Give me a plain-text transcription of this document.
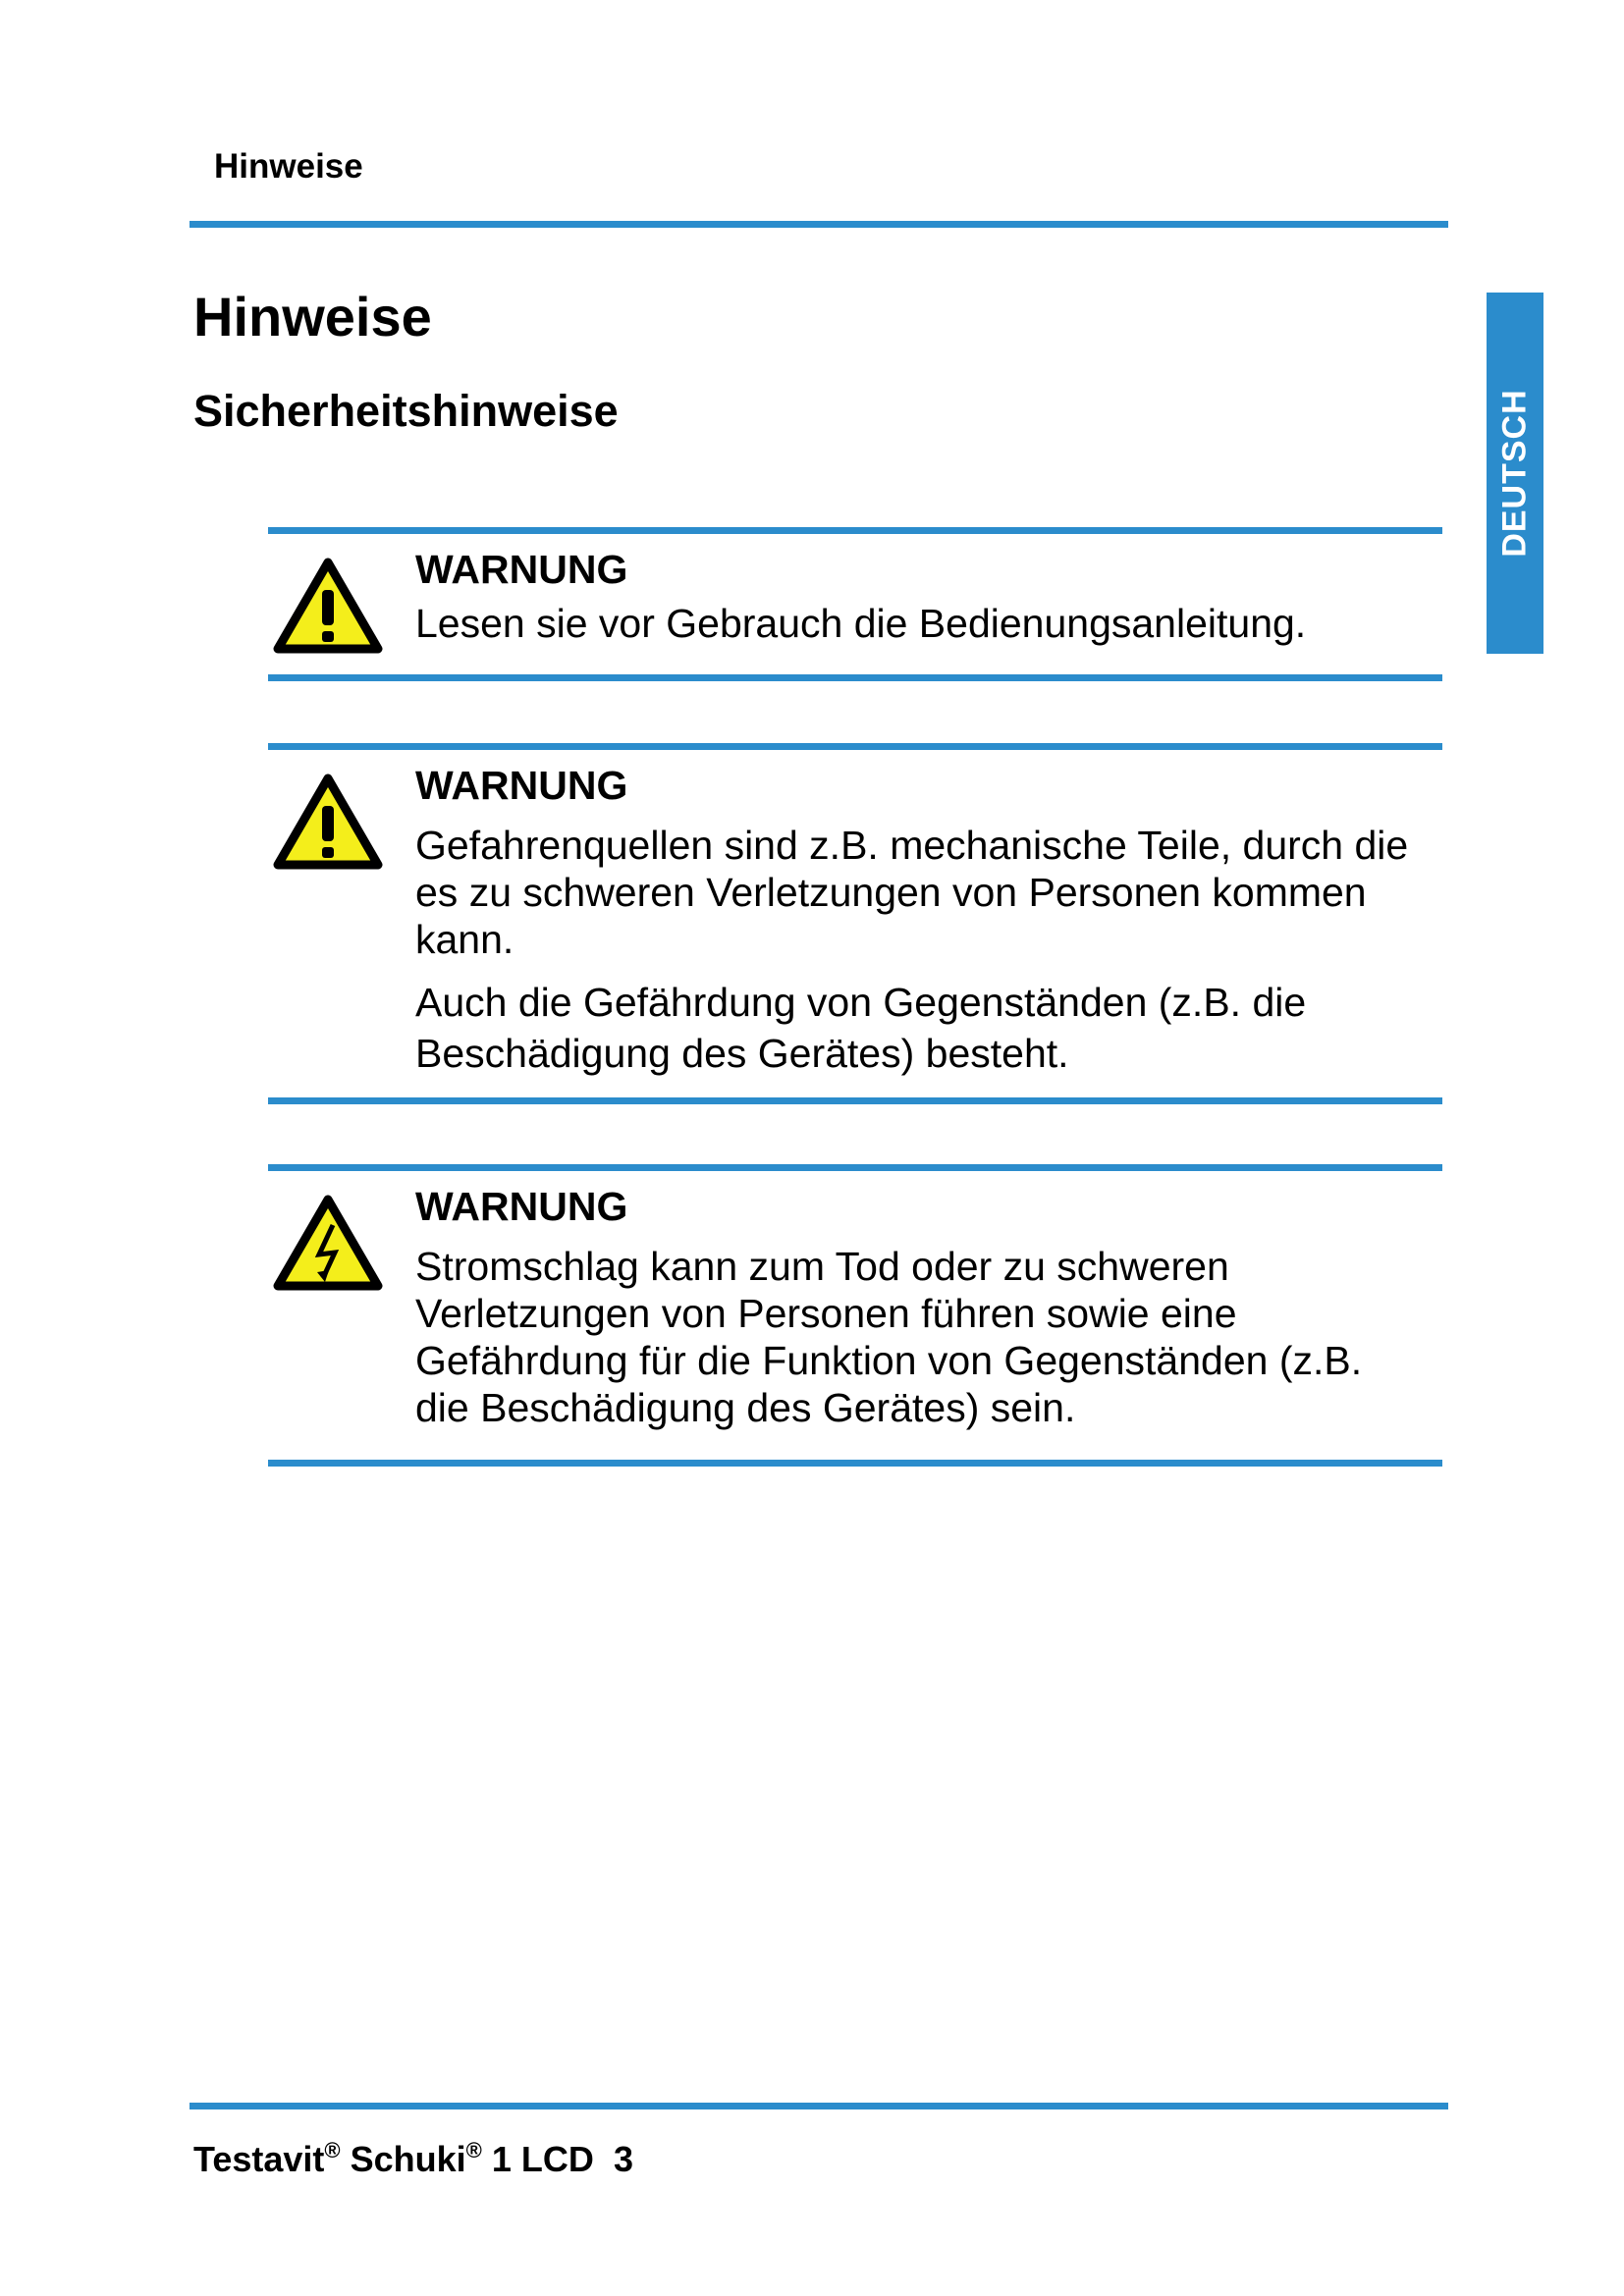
Hinweise
Hinweise
Sicherheitshinweise	DEUTSCH
WARNUNG

Lesen sie vor Gebrauch die Bedienungsanleitung.

WARNUNG

Gefahrenquellen sind z.B. mechanische Teile, durch die es zu schweren Verletzungen von Personen kommen kann.

Auch die Gefährdung von Gegenständen (z.B. die Beschädigung des Gerätes) besteht.

WARNUNG

Stromschlag kann zum Tod oder zu schweren Verletzungen von Personen führen sowie eine Gefährdung für die Funktion von Gegenständen (z.B. die Beschädigung des Gerätes) sein.

Testavit® Schuki® 1 LCD 3
